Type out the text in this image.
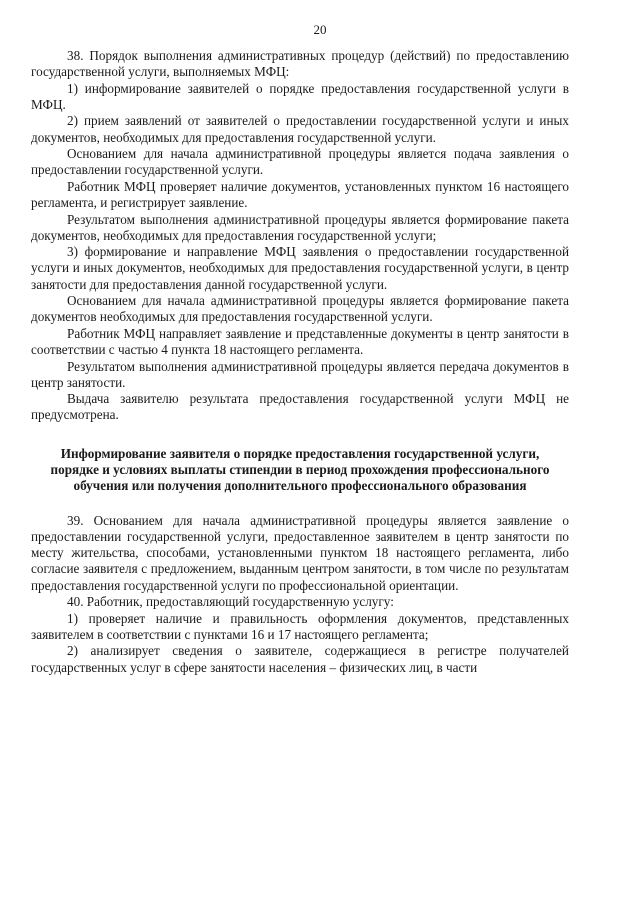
20

38. Порядок выполнения административных процедур (действий) по предоставлению государственной услуги, выполняемых МФЦ:

1) информирование заявителей о порядке предоставления государственной услуги в МФЦ.

2) прием заявлений от заявителей о предоставлении государственной услуги и иных документов, необходимых для предоставления государственной услуги.

Основанием для начала административной процедуры является подача заявления о предоставлении государственной услуги.

Работник МФЦ проверяет наличие документов, установленных пунктом 16 настоящего регламента, и регистрирует заявление.

Результатом выполнения административной процедуры является формирование пакета документов, необходимых для предоставления государственной услуги;

3) формирование и направление МФЦ заявления о предоставлении государственной услуги и иных документов, необходимых для предоставления государственной услуги, в центр занятости для предоставления данной государственной услуги.

Основанием для начала административной процедуры является формирование пакета документов необходимых для предоставления государственной услуги.

Работник МФЦ направляет заявление и представленные документы в центр занятости в соответствии с частью 4 пункта 18 настоящего регламента.

Результатом выполнения административной процедуры является передача документов в центр занятости.

Выдача заявителю результата предоставления государственной услуги МФЦ не предусмотрена.

Информирование заявителя о порядке предоставления государственной услуги, порядке и условиях выплаты стипендии в период прохождения профессионального обучения или получения дополнительного профессионального образования

39. Основанием для начала административной процедуры является заявление о предоставлении государственной услуги, предоставленное заявителем в центр занятости по месту жительства, способами, установленными пунктом 18 настоящего регламента, либо согласие заявителя с предложением, выданным центром занятости, в том числе по результатам предоставления государственной услуги по профессиональной ориентации.

40. Работник, предоставляющий государственную услугу:

1) проверяет наличие и правильность оформления документов, представленных заявителем в соответствии с пунктами 16 и 17 настоящего регламента;

2) анализирует сведения о заявителе, содержащиеся в регистре получателей государственных услуг в сфере занятости населения – физических лиц, в части
